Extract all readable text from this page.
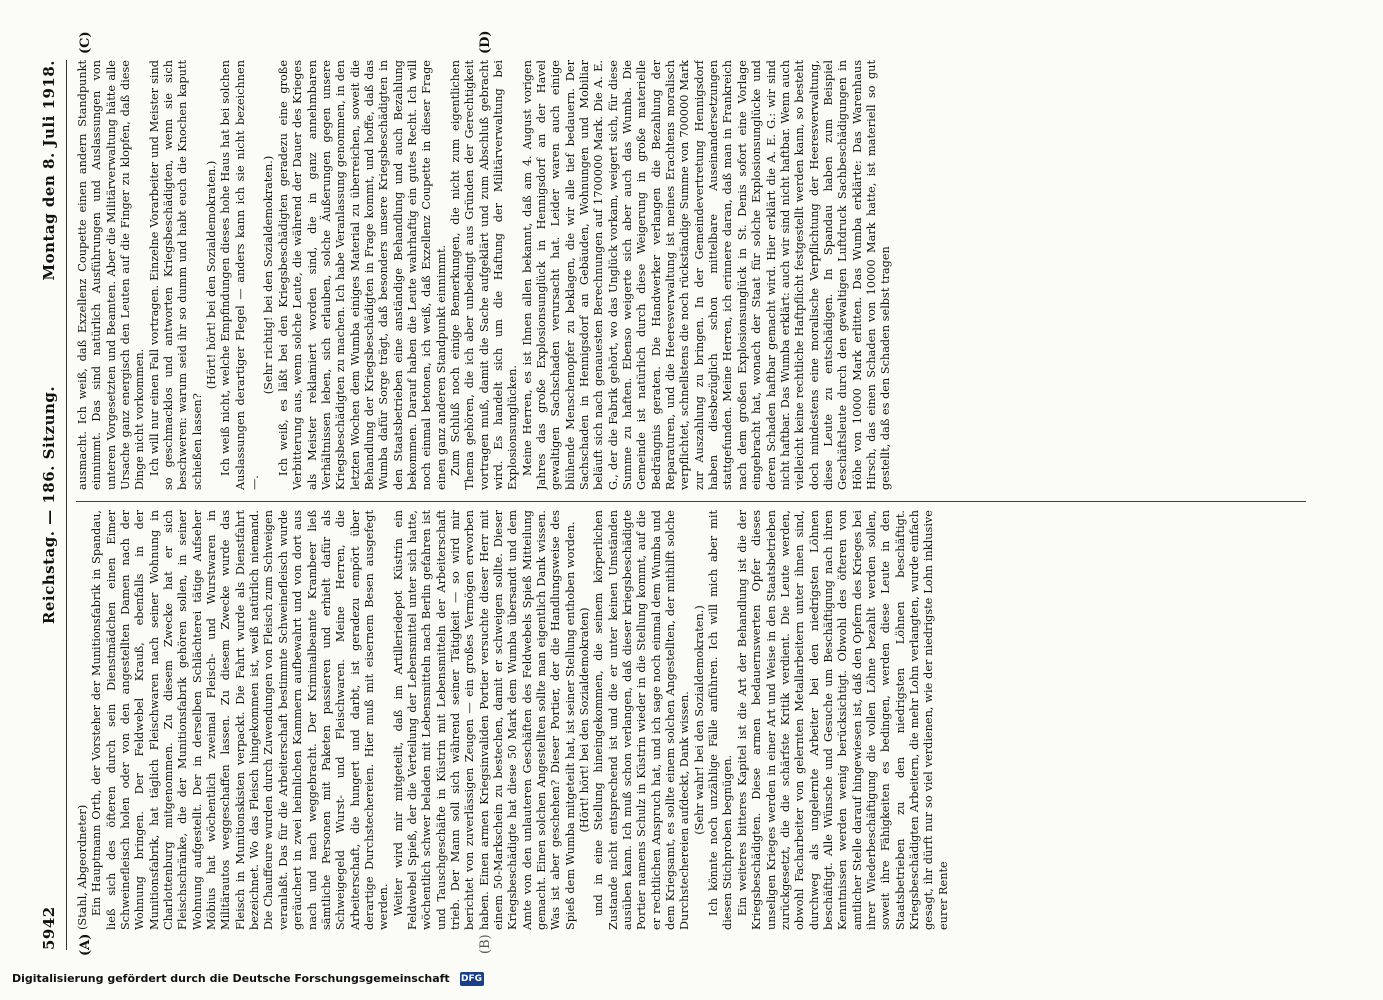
5942
Reichstag. — 186. Sitzung.
Montag den 8. Juli 1918.
(A)	(B)
(C)	(D)

(Stahl, Abgeordneter) Ein Hauptmann Orth, der Vorsteher der Munitionsfabrik in Spandau, ließ sich des öfteren durch sein Dienstmädchen einen Eimer Schweinefleisch holen oder von den angestellten Damen nach der Wohnung bringen. Der Feldwebel Krauß, ebenfalls in der Munitionsfabrik, hat täglich Fleischwaren nach seiner Wohnung in Charlottenburg mitgenommen. Zu diesem Zwecke hat er sich Fleischschränke, die der Munitionsfabrik gehören sollen, in seiner Wohnung aufgestellt. Der in derselben Schlächterei tätige Aufseher Möbius hat wöchentlich zweimal Fleisch- und Wurstwaren in Militärautos weggeschaffen lassen. Zu diesem Zwecke wurde das Fleisch in Munitionskisten verpackt. Die Fahrt wurde als Dienstfahrt bezeichnet. Wo das Fleisch hingekommen ist, weiß natürlich niemand. Die Chauffeure wurden durch Zuwendungen von Fleisch zum Schweigen veranlaßt. Das für die Arbeiterschaft bestimmte Schweinefleisch wurde geräuchert in zwei heimlichen Kammern aufbewahrt und von dort aus nach und nach weggebracht. Der Kriminalbeamte Krambeer ließ sämtliche Personen mit Paketen passieren und erhielt dafür als Schweigegeld Wurst- und Fleischwaren. Meine Herren, die Arbeiterschaft, die hungert und darbt, ist geradezu empört über derartige Durchstechereien. Hier muß mit eisernem Besen ausgefegt werden. Weiter wird mir mitgeteilt, daß im Artilleriedepot Küstrin ein Feldwebel Spieß, der die Verteilung der Lebensmittel unter sich hatte, wöchentlich schwer beladen mit Lebensmitteln nach Berlin gefahren ist und Tauschgeschäfte in Küstrin mit Lebensmitteln der Arbeiterschaft trieb. Der Mann soll sich während seiner Tätigkeit — so wird mir berichtet von zuverlässigen Zeugen — ein großes Vermögen erworben haben. Einen armen Kriegsinvaliden Portier versuchte dieser Herr mit einem 50-Markschein zu bestechen, damit er schweigen sollte. Dieser Kriegsbeschädigte hat diese 50 Mark dem Wumba übersandt und dem Amte von den unlauteren Geschäften des Feldwebels Spieß Mitteilung gemacht. Einen solchen Angestellten sollte man eigentlich Dank wissen. Was ist aber geschehen? Dieser Portier, der die Handlungsweise des Spieß dem Wumba mitgeteilt hat, ist seiner Stellung enthoben worden. (Hört! hört! bei den Sozialdemokraten) und in eine Stellung hineingekommen, die seinem körperlichen Zustande nicht entsprechend ist und die er unter keinen Umständen ausüben kann. Ich muß schon verlangen, daß dieser kriegsbeschädigte Portier namens Schulz in Küstrin wieder in die Stellung kommt, auf die er rechtlichen Anspruch hat, und ich sage noch einmal dem Wumba und dem Kriegsamt, es sollte einem solchen Angestellten, der mithilft solche Durchstechereien aufdeckt, Dank wissen. (Sehr wahr! bei den Sozialdemokraten.) Ich könnte noch unzählige Fälle anführen. Ich will mich aber mit diesen Stichproben begnügen. Ein weiteres bitteres Kapitel ist die Art der Behandlung ist die der Kriegsbeschädigten. Diese armen bedauernswerten Opfer dieses unseligen Krieges werden in einer Art und Weise in den Staatsbetrieben zurückgesetzt, die die schärfste Kritik verdient. Die Leute werden, obwohl Facharbeiter von gelernten Metallarbeitern unter ihnen sind, durchweg als ungelernte Arbeiter bei den niedrigsten Löhnen beschäftigt. Alle Wünsche und Gesuche um Beschäftigung nach ihren Kenntnissen werden wenig berücksichtigt. Obwohl des öfteren von amtlicher Stelle darauf hingewiesen ist, daß den Opfern des Krieges bei ihrer Wiederbeschäftigung die vollen Löhne bezahlt werden sollen, soweit ihre Fähigkeiten es bedingen, werden diese Leute in den Staatsbetrieben zu den niedrigsten Löhnen beschäftigt. Kriegsbeschädigten Arbeitern, die mehr Lohn verlangten, wurde einfach gesagt, ihr dürft nur so viel verdienen, wie der niedrigste Lohn inklusive eurer Rente

ausmacht. Ich weiß, daß Exzellenz Coupette einen andern Standpunkt einnimmt. Das sind natürlich Ausführungen und Auslassungen von unteren Vorgesetzten und Beamten. Aber die Militärverwaltung hätte alle Ursache ganz energisch den Leuten auf die Finger zu klopfen, daß diese Dinge nicht vorkommen. Ich will nur einen Fall vortragen. Einzelne Vorarbeiter und Meister sind so geschmacklos und antworten Kriegsbeschädigten, wenn sie sich beschweren: warum seid ihr so dumm und habt euch die Knochen kaputt schießen lassen?

(Hört! hört! bei den Sozialdemokraten.) Ich weiß nicht, welche Empfindungen dieses hohe Haus hat bei solchen Auslassungen derartiger Flegel — anders kann ich sie nicht bezeichnen —.

(Sehr richtig! bei den Sozialdemokraten.) Ich weiß, es läßt bei den Kriegsbeschädigten geradezu eine große Verbitterung aus, wenn solche Leute, die während der Dauer des Krieges als Meister reklamiert worden sind, die in ganz annehmbaren Verhältnissen leben, sich erlauben, solche Äußerungen gegen unsere Kriegsbeschädigten zu machen. Ich habe Veranlassung genommen, in den letzten Wochen dem Wumba einiges Material zu überreichen, soweit die Behandlung der Kriegsbeschädigten in Frage kommt, und hoffe, daß das Wumba dafür Sorge trägt, daß besonders unsere Kriegsbeschädigten in den Staatsbetrieben eine anständige Behandlung und auch Bezahlung bekommen. Darauf haben die Leute wahrhaftig ein gutes Recht. Ich will noch einmal betonen, ich weiß, daß Exzellenz Coupette in dieser Frage einen ganz anderen Standpunkt einnimmt. Zum Schluß noch einige Bemerkungen, die nicht zum eigentlichen Thema gehören, die ich aber unbedingt aus Gründen der Gerechtigkeit vortragen muß, damit die Sache aufgeklärt und zum Abschluß gebracht wird. Es handelt sich um die Haftung der Militärverwaltung bei Explosionsunglücken. Meine Herren, es ist Ihnen allen bekannt, daß am 4. August vorigen Jahres das große Explosionsunglück in Hennigsdorf an der Havel gewaltigen Sachschaden verursacht hat. Leider waren auch einige blühende Menschenopfer zu beklagen, die wir alle tief bedauern. Der Sachschaden in Hennigsdorf an Gebäuden, Wohnungen und Mobiliar beläuft sich nach genauesten Berechnungen auf 1700000 Mark. Die A. E. G., der die Fabrik gehört, wo das Unglück vorkam, weigert sich, für diese Summe zu haften. Ebenso weigerte sich aber auch das Wumba. Die Gemeinde ist natürlich durch diese Weigerung in große materielle Bedrängnis geraten. Die Handwerker verlangen die Bezahlung der Reparaturen, und die Heeresverwaltung ist meines Erachtens moralisch verpflichtet, schnellstens die noch rückständige Summe von 700000 Mark zur Auszahlung zu bringen. In der Gemeindevertretung Hennigsdorf haben diesbezüglich schon mittelbare Auseinandersetzungen stattgefunden. Meine Herren, ich erinnere daran, daß man in Frankreich nach dem großen Explosionsunglück in St. Denis sofort eine Vorlage eingebracht hat, wonach der Staat für solche Explosionsunglücke und deren Schaden haftbar gemacht wird. Hier erklärt die A. E. G.: wir sind nicht haftbar. Das Wumba erklärt: auch wir sind nicht haftbar. Wenn auch vielleicht keine rechtliche Haftpflicht festgestellt werden kann, so besteht doch mindestens eine moralische Verpflichtung der Heeresverwaltung, diese Leute zu entschädigen. In Spandau haben zum Beispiel Geschäftsleute durch den gewaltigen Luftdruck Sachbeschädigungen in Höhe von 10000 Mark erlitten. Das Wumba erklärte: Das Warenhaus Hirsch, das einen Schaden von 10000 Mark hatte, ist materiell so gut gestellt, daß es den Schaden selbst tragen

Digitalisierung gefördert durch die Deutsche Forschungsgemeinschaft DFG
